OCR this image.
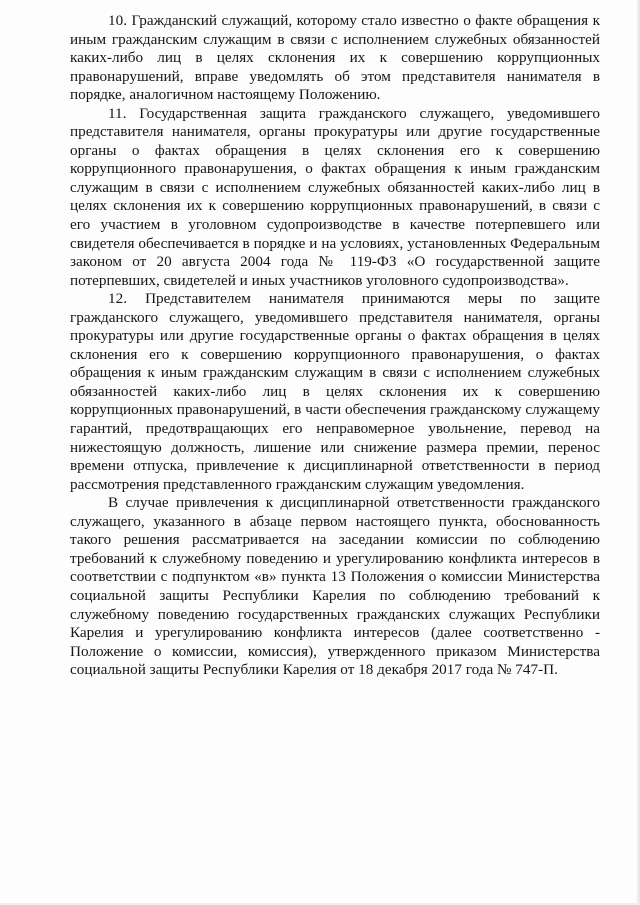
10. Гражданский служащий, которому стало известно о факте обращения к иным гражданским служащим в связи с исполнением служебных обязанностей каких-либо лиц в целях склонения их к совершению коррупционных правонарушений, вправе уведомлять об этом представителя нанимателя в порядке, аналогичном настоящему Положению.

11. Государственная защита гражданского служащего, уведомившего представителя нанимателя, органы прокуратуры или другие государственные органы о фактах обращения в целях склонения его к совершению коррупционного правонарушения, о фактах обращения к иным гражданским служащим в связи с исполнением служебных обязанностей каких-либо лиц в целях склонения их к совершению коррупционных правонарушений, в связи с его участием в уголовном судопроизводстве в качестве потерпевшего или свидетеля обеспечивается в порядке и на условиях, установленных Федеральным законом от 20 августа 2004 года № 119-ФЗ «О государственной защите потерпевших, свидетелей и иных участников уголовного судопроизводства».

12. Представителем нанимателя принимаются меры по защите гражданского служащего, уведомившего представителя нанимателя, органы прокуратуры или другие государственные органы о фактах обращения в целях склонения его к совершению коррупционного правонарушения, о фактах обращения к иным гражданским служащим в связи с исполнением служебных обязанностей каких-либо лиц в целях склонения их к совершению коррупционных правонарушений, в части обеспечения гражданскому служащему гарантий, предотвращающих его неправомерное увольнение, перевод на нижестоящую должность, лишение или снижение размера премии, перенос времени отпуска, привлечение к дисциплинарной ответственности в период рассмотрения представленного гражданским служащим уведомления.

В случае привлечения к дисциплинарной ответственности гражданского служащего, указанного в абзаце первом настоящего пункта, обоснованность такого решения рассматривается на заседании комиссии по соблюдению требований к служебному поведению и урегулированию конфликта интересов в соответствии с подпунктом «в» пункта 13 Положения о комиссии Министерства социальной защиты Республики Карелия по соблюдению требований к служебному поведению государственных гражданских служащих Республики Карелия и урегулированию конфликта интересов (далее соответственно - Положение о комиссии, комиссия), утвержденного приказом Министерства социальной защиты Республики Карелия от 18 декабря 2017 года № 747-П.
